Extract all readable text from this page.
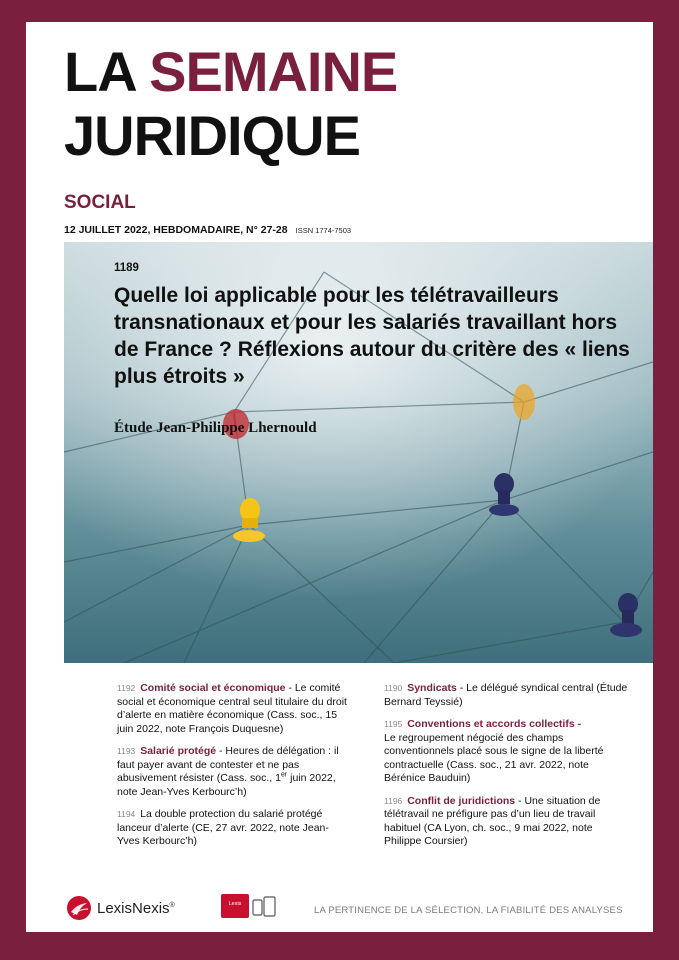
LA SEMAINE
JURIDIQUE
SOCIAL
12 JUILLET 2022, HEBDOMADAIRE, N° 27-28 ISSN 1774-7503
1189
Quelle loi applicable pour les télétravailleurs transnationaux et pour les salariés travaillant hors de France ? Réflexions autour du critère des « liens plus étroits »
Étude Jean-Philippe Lhernould
1192 Comité social et économique - Le comité social et économique central seul titulaire du droit d’alerte en matière économique (Cass. soc., 15 juin 2022, note François Duquesne)
1193 Salarié protégé - Heures de délégation : il faut payer avant de contester et ne pas abusivement résister (Cass. soc., 1er juin 2022, note Jean-Yves Kerbourc’h)
1194 La double protection du salarié protégé lanceur d’alerte (CE, 27 avr. 2022, note Jean-Yves Kerbourc’h)
1190 Syndicats - Le délégué syndical central (Étude Bernard Teyssié)
1195 Conventions et accords collectifs -
Le regroupement négocié des champs conventionnels placé sous le signe de la liberté contractuelle (Cass. soc., 21 avr. 2022, note Bérénice Bauduin)
1196 Conflit de juridictions - Une situation de télétravail ne préfigure pas d’un lieu de travail habituel (CA Lyon, ch. soc., 9 mai 2022, note Philippe Coursier)
LexisNexis®	Lexis

Kiosque
LA PERTINENCE DE LA SÉLECTION, LA FIABILITÉ DES ANALYSES
